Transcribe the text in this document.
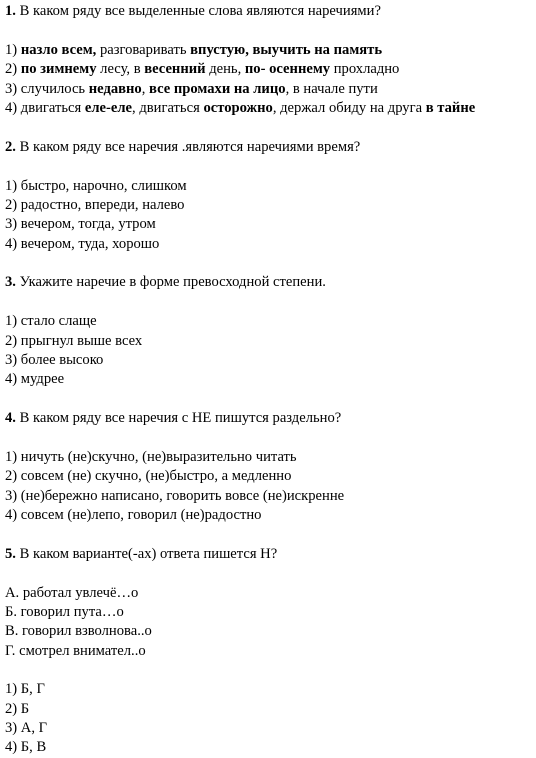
1. В каком ряду все выделенные слова являются наречиями?
1) назло всем, разговаривать впустую, выучить на память
2) по зимнему лесу, в весенний день, по- осеннему прохладно
3) случилось недавно, все промахи на лицо, в начале пути
4) двигаться еле-еле, двигаться осторожно, держал обиду на друга в тайне
2. В каком ряду все наречия .являются наречиями время?
1) быстро, нарочно, слишком
2) радостно, впереди, налево
3) вечером, тогда, утром
4) вечером, туда, хорошо
3. Укажите наречие в форме превосходной степени.
1) стало слаще
2) прыгнул выше всех
3) более высоко
4) мудрее
4. В каком ряду все наречия с НЕ пишутся раздельно?
1) ничуть (не)скучно, (не)выразительно читать
2) совсем (не) скучно, (не)быстро, а медленно
3) (не)бережно написано, говорить вовсе (не)искренне
4) совсем (не)лепо, говорил (не)радостно
5. В каком варианте(-ах) ответа пишется Н?
А. работал увлечё…о
Б. говорил пута…о
В. говорил взволнова..о
Г. смотрел внимател..о
1) Б, Г
2) Б
3) А, Г
4) Б, В
